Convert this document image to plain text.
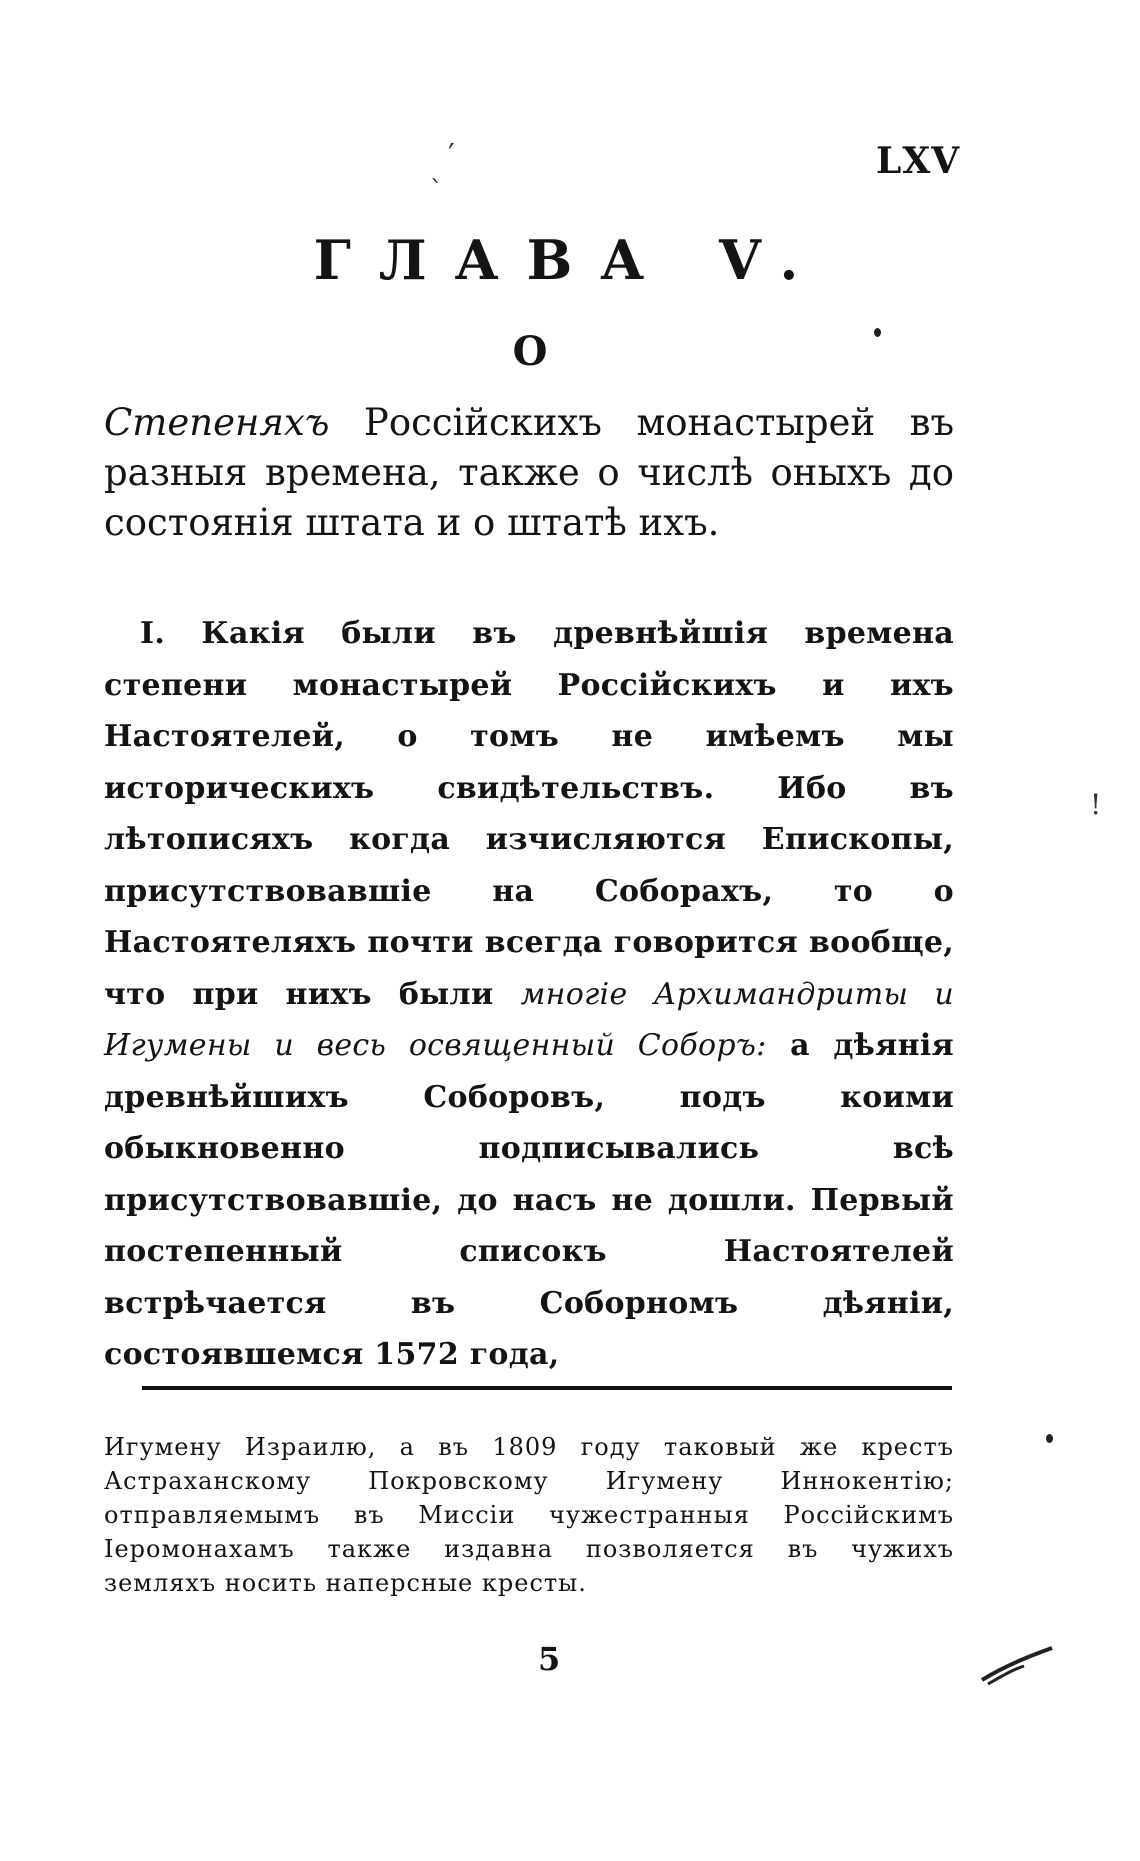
′
ˋ
LXV
ГЛАВА V.
О
Степеняхъ Россійскихъ монастырей въ разныя времена, также о числѣ оныхъ до состоянія штата и о штатѣ ихъ.
I. Какія были въ древнѣйшія времена степени монастырей Россійскихъ и ихъ Настоятелей, о томъ не имѣемъ мы историческихъ свидѣтельствъ. Ибо въ лѣтописяхъ когда изчисляются Епископы, присутствовавшіе на Соборахъ, то о Настоятеляхъ почти всегда говорится вообще, что при нихъ были многіе Архимандриты и Игумены и весь освященный Соборъ: а дѣянія древнѣйшихъ Соборовъ, подъ коими обыкновенно подписывались всѣ присутствовавшіе, до насъ не дошли. Первый постепенный списокъ Настоятелей встрѣчается въ Соборномъ дѣяніи, состоявшемся 1572 года,
Игумену Израилю, а въ 1809 году таковый же крестъ Астраханскому Покровскому Игумену Иннокентію; отправляемымъ въ Миссіи чужестранныя Россійскимъ Іеромонахамъ также издавна позволяется въ чужихъ земляхъ носить наперсные кресты.
5
!
